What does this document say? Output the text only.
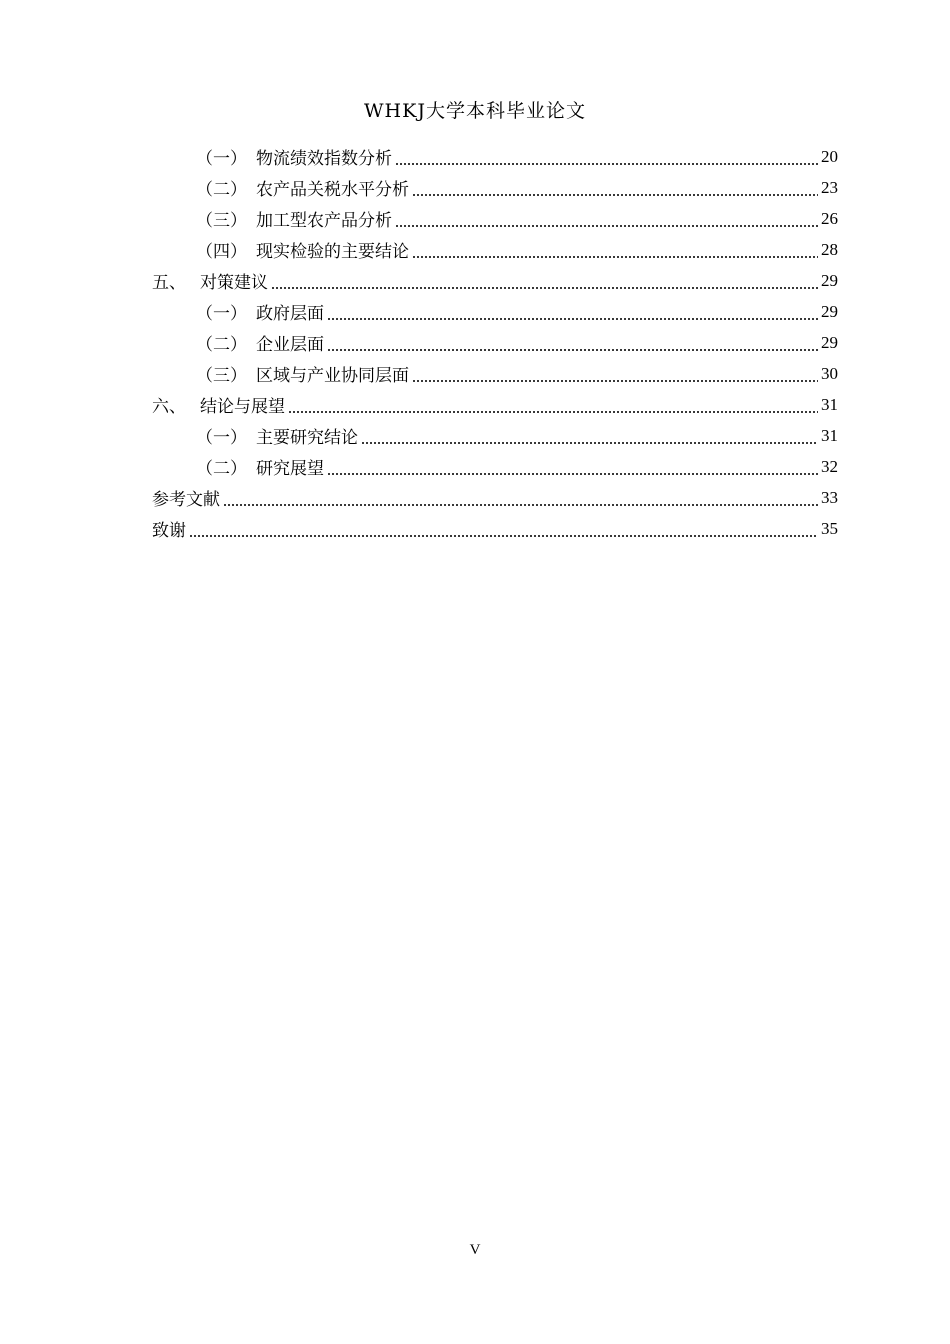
WHKJ大学本科毕业论文
（一） 物流绩效指数分析	20
（二） 农产品关税水平分析	23
（三） 加工型农产品分析	26
（四） 现实检验的主要结论	28
五、 对策建议	29
（一） 政府层面	29
（二） 企业层面	29
（三） 区域与产业协同层面	30
六、 结论与展望	31
（一） 主要研究结论	31
（二） 研究展望	32
参考文献	33
致谢	35
V
